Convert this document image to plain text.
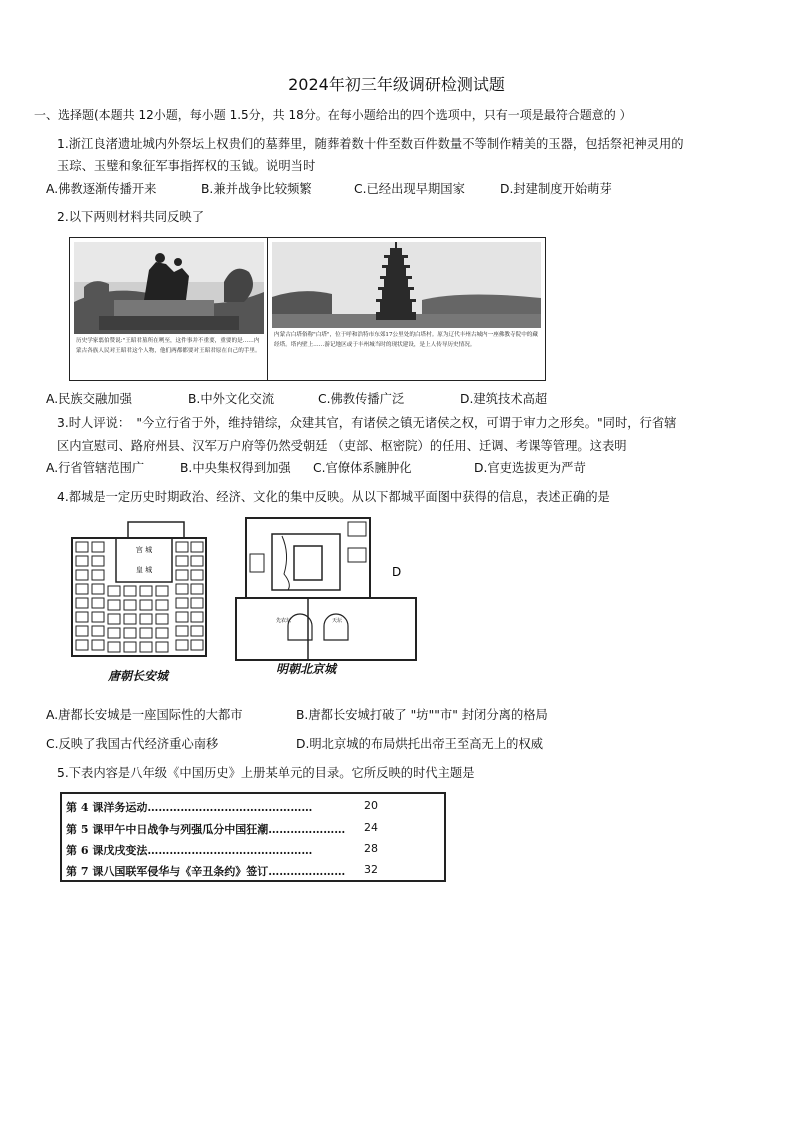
2024年初三年级调研检测试题
一、选择题(本题共 12小题，每小题 1.5分，共 18分。在每小题给出的四个选项中，只有一项是最符合题意的 ）
1.浙江良渚遗址城内外祭坛上权贵们的墓葬里，随葬着数十件至数百件数量不等制作精美的玉器，包括祭祀神灵用的
玉琮、玉璧和象征军事指挥权的玉钺。说明当时
A.佛教逐渐传播开来	B.兼并战争比较频繁	C.已经出现早期国家	D.封建制度开始萌芽
2.以下两则材料共同反映了
历史学家翦伯赞说:"王昭君墓所在咧至，这件事并不重要，重要的是……内蒙古各族人民对王昭君这个人物，他们两都都要对王昭君原在自己的手里。
内蒙古白塔俗称"白塔"，位于呼和浩特市东郊17公里处的白塔村。原为辽代丰州古城内一座佛教寺院中的藏经塔。塔内壁上……游记地区或于丰州城当时的现状建设，是上人传导历史情况。
A.民族交融加强	B.中外文化交流	C.佛教传播广泛	D.建筑技术高超
3.时人评说：　"今立行省于外，维持错综，众建其官，有诸侯之镇无诸侯之权，可谓于审力之形矣。"同时，行省辖
区内宣慰司、路府州县、汉军万户府等仍然受朝廷 （吏部、枢密院）的任用、迁调、考课等管理。这表明
A.行省管辖范围广	B.中央集权得到加强 C.官僚体系臃肿化	D.官吏选拔更为严苛
4.都城是一定历史时期政治、经济、文化的集中反映。从以下都城平面图中获得的信息，表述正确的是
宫 城
皇 城
唐朝长安城
D
天坛
先农坛
明朝北京城
A.唐都长安城是一座国际性的大都市	B.唐都长安城打破了 "坊""市" 封闭分离的格局
C.反映了我国古代经济重心南移	D.明北京城的布局烘托出帝王至高无上的权威
5.下表内容是八年级《中国历史》上册某单元的目录。它所反映的时代主题是
第 4 课洋务运动………………………………………	20
第 5 课甲午中日战争与列强瓜分中国狂潮………………… 24
第 6 课戊戌变法………………………………………	28
第 7 课八国联军侵华与《辛丑条约》签订………………… 32
